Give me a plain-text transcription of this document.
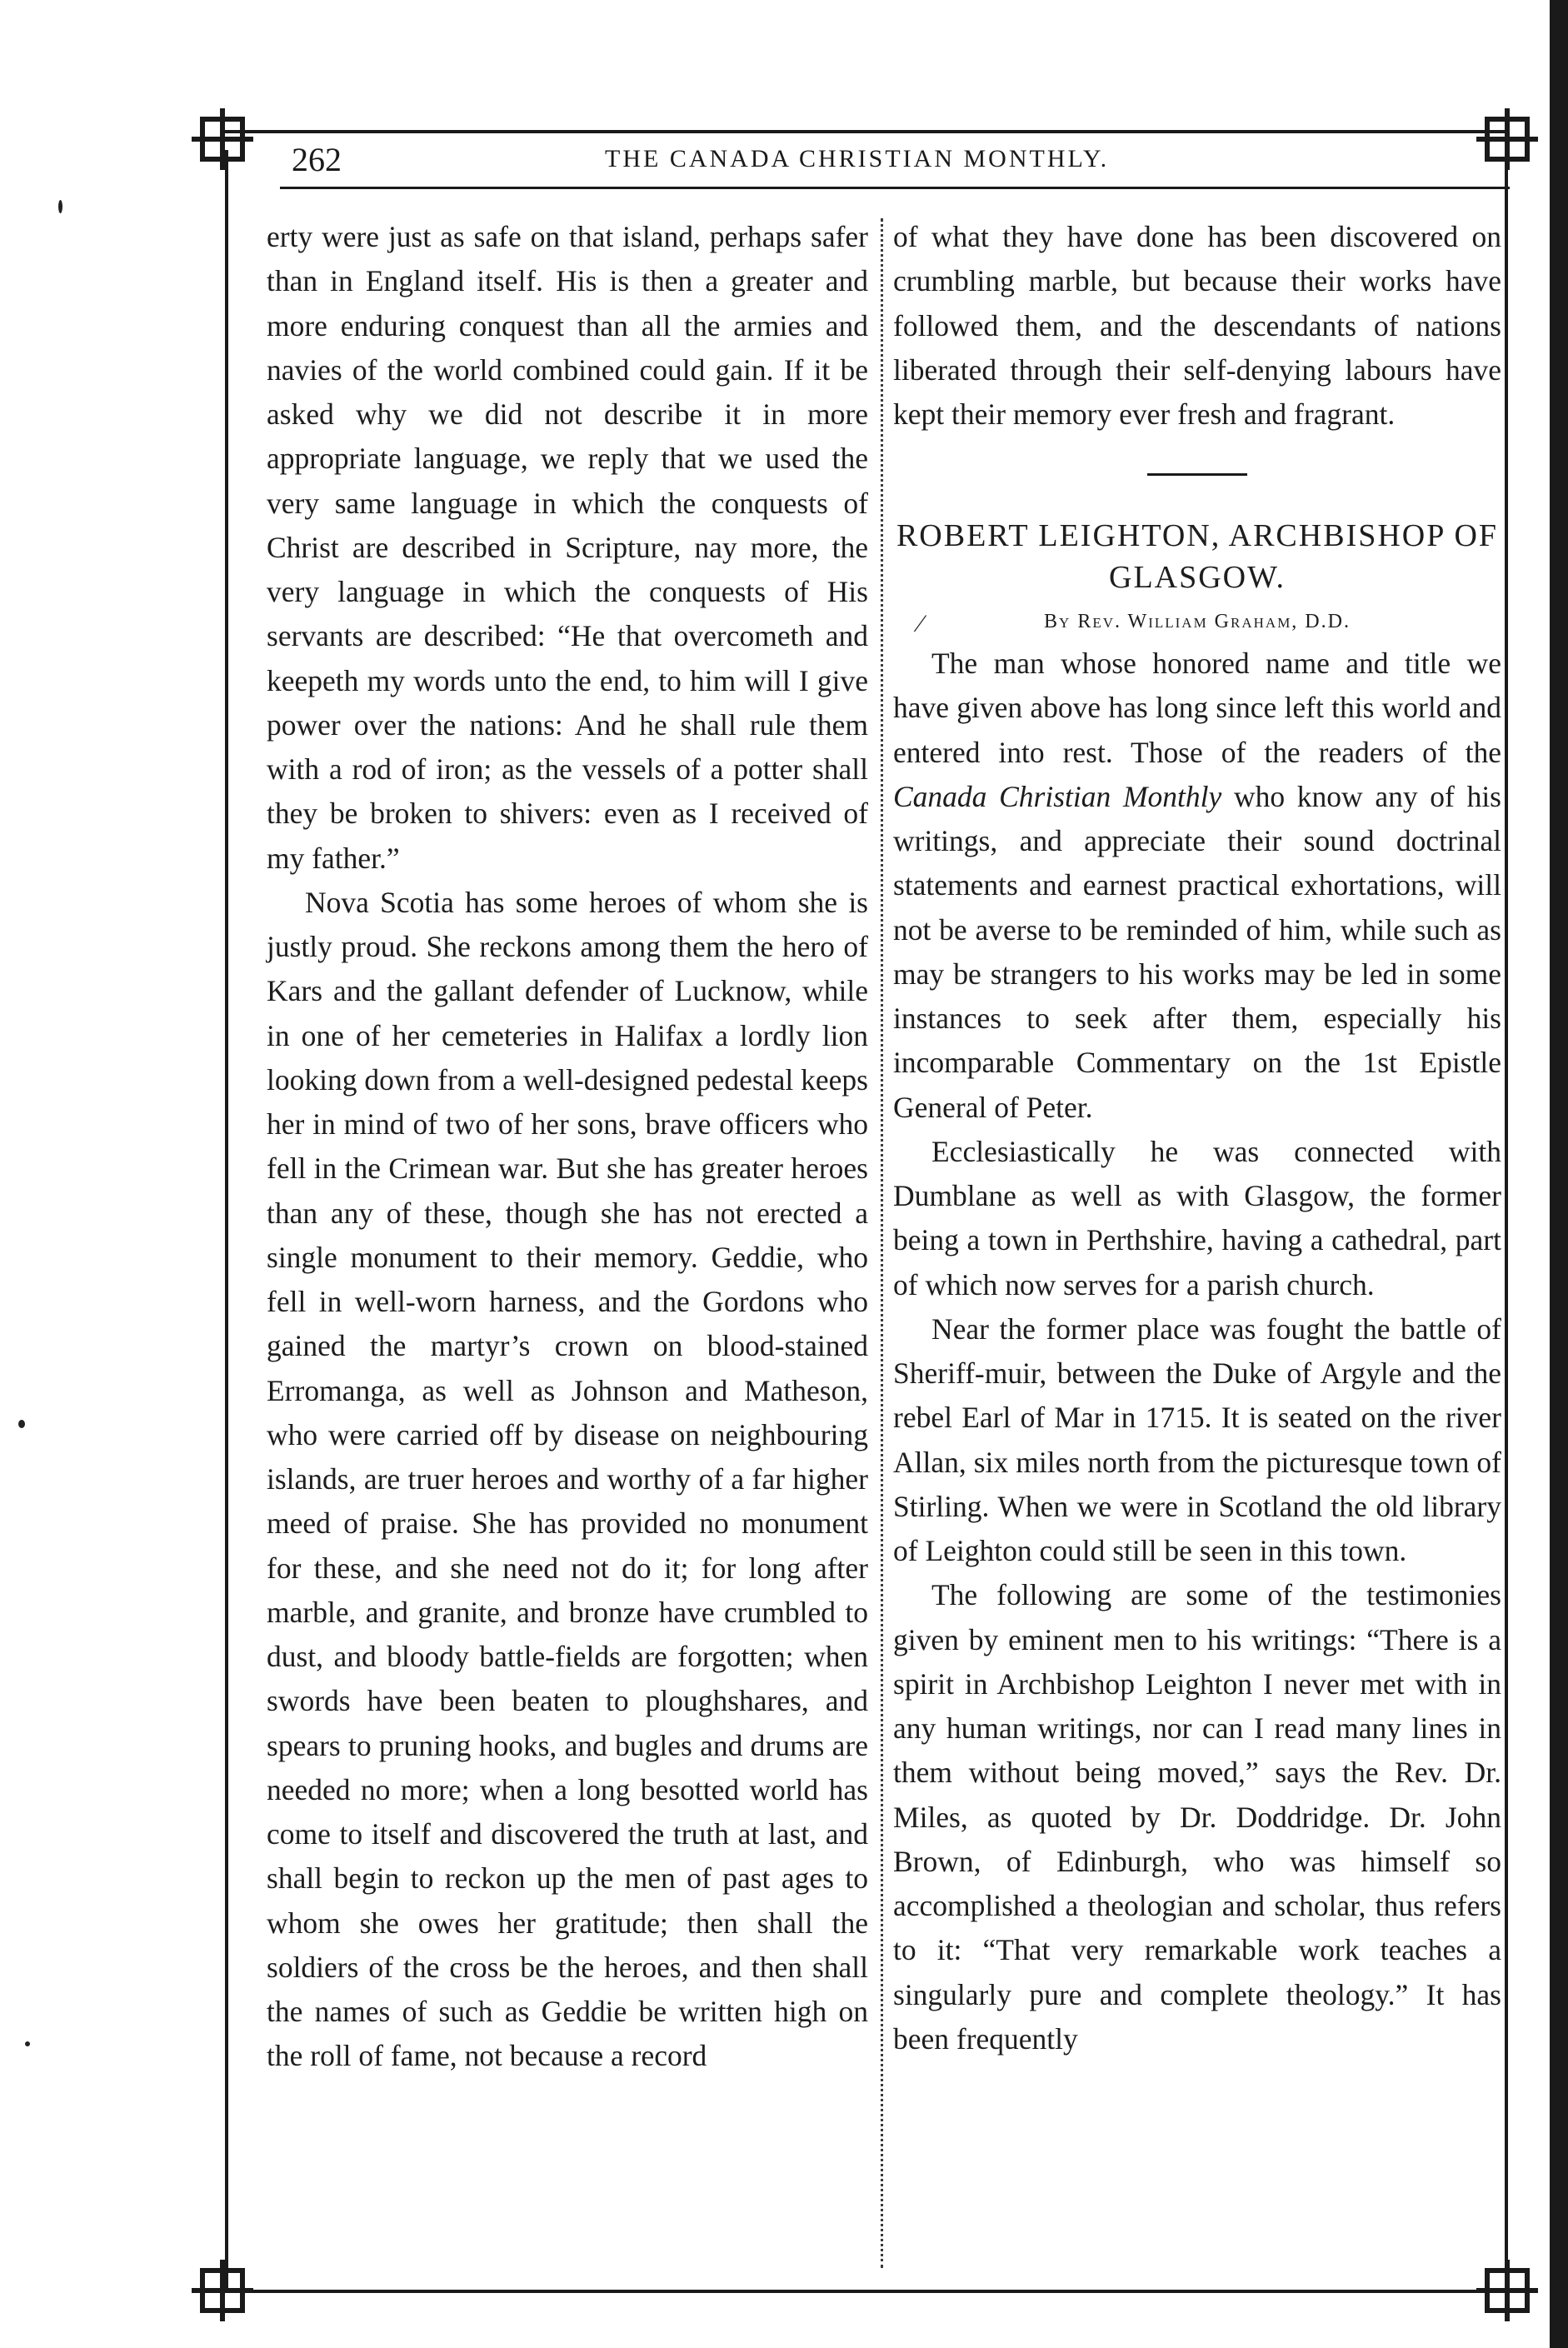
262	THE CANADA CHRISTIAN MONTHLY.

erty were just as safe on that island, perhaps safer than in England itself. His is then a greater and more enduring conquest than all the armies and navies of the world combined could gain. If it be asked why we did not describe it in more appropriate language, we reply that we used the very same language in which the conquests of Christ are described in Scripture, nay more, the very language in which the conquests of His servants are described: “He that overcometh and keepeth my words unto the end, to him will I give power over the nations: And he shall rule them with a rod of iron; as the vessels of a potter shall they be broken to shivers: even as I received of my father.”

Nova Scotia has some heroes of whom she is justly proud. She reckons among them the hero of Kars and the gallant defender of Lucknow, while in one of her cemeteries in Halifax a lordly lion looking down from a well-designed pedestal keeps her in mind of two of her sons, brave officers who fell in the Crimean war. But she has greater heroes than any of these, though she has not erected a single monument to their memory. Geddie, who fell in well-worn harness, and the Gordons who gained the martyr’s crown on blood-stained Erromanga, as well as Johnson and Matheson, who were carried off by disease on neighbouring islands, are truer heroes and worthy of a far higher meed of praise. She has provided no monument for these, and she need not do it; for long after marble, and granite, and bronze have crumbled to dust, and bloody battle-fields are forgotten; when swords have been beaten to ploughshares, and spears to pruning hooks, and bugles and drums are needed no more; when a long besotted world has come to itself and discovered the truth at last, and shall begin to reckon up the men of past ages to whom she owes her gratitude; then shall the soldiers of the cross be the heroes, and then shall the names of such as Geddie be written high on the roll of fame, not because a record

of what they have done has been discovered on crumbling marble, but because their works have followed them, and the descendants of nations liberated through their self-denying labours have kept their memory ever fresh and fragrant.

ROBERT LEIGHTON, ARCHBISHOP OF GLASGOW.
⁄	By Rev. William Graham, D.D.

The man whose honored name and title we have given above has long since left this world and entered into rest. Those of the readers of the Canada Christian Monthly who know any of his writings, and appreciate their sound doctrinal statements and earnest practical exhortations, will not be averse to be reminded of him, while such as may be strangers to his works may be led in some instances to seek after them, especially his incomparable Commentary on the 1st Epistle General of Peter.

Ecclesiastically he was connected with Dumblane as well as with Glasgow, the former being a town in Perthshire, having a cathedral, part of which now serves for a parish church.

Near the former place was fought the battle of Sheriff-muir, between the Duke of Argyle and the rebel Earl of Mar in 1715. It is seated on the river Allan, six miles north from the picturesque town of Stirling. When we were in Scotland the old library of Leighton could still be seen in this town.

The following are some of the testimonies given by eminent men to his writings: “There is a spirit in Archbishop Leighton I never met with in any human writings, nor can I read many lines in them without being moved,” says the Rev. Dr. Miles, as quoted by Dr. Doddridge. Dr. John Brown, of Edinburgh, who was himself so accomplished a theologian and scholar, thus refers to it: “That very remarkable work teaches a singularly pure and complete theology.” It has been frequently
